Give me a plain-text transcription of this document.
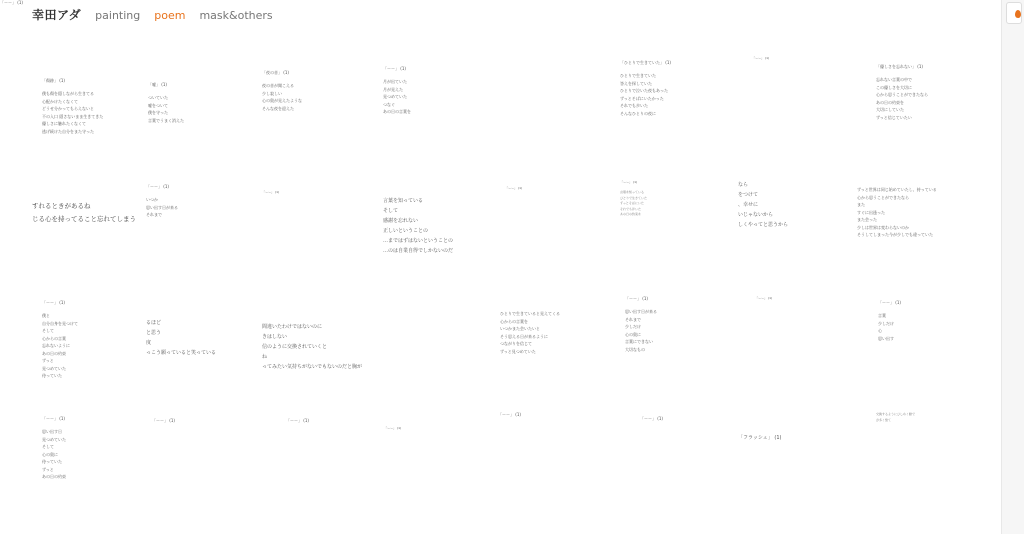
「傷跡」 (1)
僕も傷を隠しながら生きてる
心配かけたくなくて
どうせ分かってもらえないと
不の入口 隠さないまま生きてきた
優しさに触れたくなくて
逃げ続けた自分をまた守った
「嘘」 (1)
ついていた
嘘をついて
僕を守った
言葉でうまく消えた
「夜の音」 (1)
夜の音が聞こえる
少し寂しい
心の奥が見えたような
そんな夜を迎えた
「ーー」 (1)
月が出ていた
月が見えた
見つめていた
つなぐ
あの日の言葉を
「ひとりで生きていた」 (1)
ひとりで生きていた
答えを探していた
ひとりで泣いた夜もあった
ずっとそばにいたかった
それでも歩いた
そんなひとりの夜に
「ーー」 (1)
「優しさを忘れない」 (1)
忘れない言葉の中で
この優しさを大切に
心から思うことができたなら
あの日の約束を
大切にしていた
ずっと信じていたい
すれるときがあるね
じる心を持ってること忘れてしまう
「ーー」 (1)
いつか
思い出す日が来る
それまで
「ーー」 (1)
言葉を知っている
そして
感謝を忘れない
正しいということの
…まではずはないということの
…のは自業自得でしかないのだ
「ーー」 (1)
「ーー」 (1)
言葉を知っている
ひとりで生きていた
ずっとそばにいた
それでも歩いた
あの日の約束を
なら
をつけて
、幸せに
いじゃないから
しくやってと思うから
ずっと世界は同じ始めていたし、持っている
心から思うことができたなら
また
すぐに出逢った
また会った
少しは世界は変わらないのか
そうしてしまった今が少しでも違っていた
「ーー」 (1)
僕と
自分自身を見つけて
そして
心からの言葉
忘れないように
あの日の約束
ずっと
見つめていた
待っていた
るほど
と思う
度
っこう願っていると笑っている
間違いたわけではないのに
きはしない
信のように交換されていくと
ね
ってみたい気持ちがないでもないのだと胸が
ひとりで生きていると見えてくる
心からの言葉を
いつかまた会いたいと
そう思える日が来るように
つながりを信じて
ずっと見つめていた
「ーー」 (1)
思い出す日が来る
それまで
少しだけ
心の奥に
言葉にできない
大切なもの
「ーー」 (1)
「ーー」 (1)
言葉
少しだけ
心
思い出す
「ーー」 (1)
思い出す日
見つめていた
そして
心の奥に
待っていた
ずっと
あの日の約束
「ーー」 (1)	「ーー」 (1)
「ーー」 (1)
「ーー」 (1)
「ーー」 (1)
「フラッシュ」 (1)
交換するようにひしめく動で
が多く絶て
「ーー」 (1)
幸田アダ painting poem mask&others
